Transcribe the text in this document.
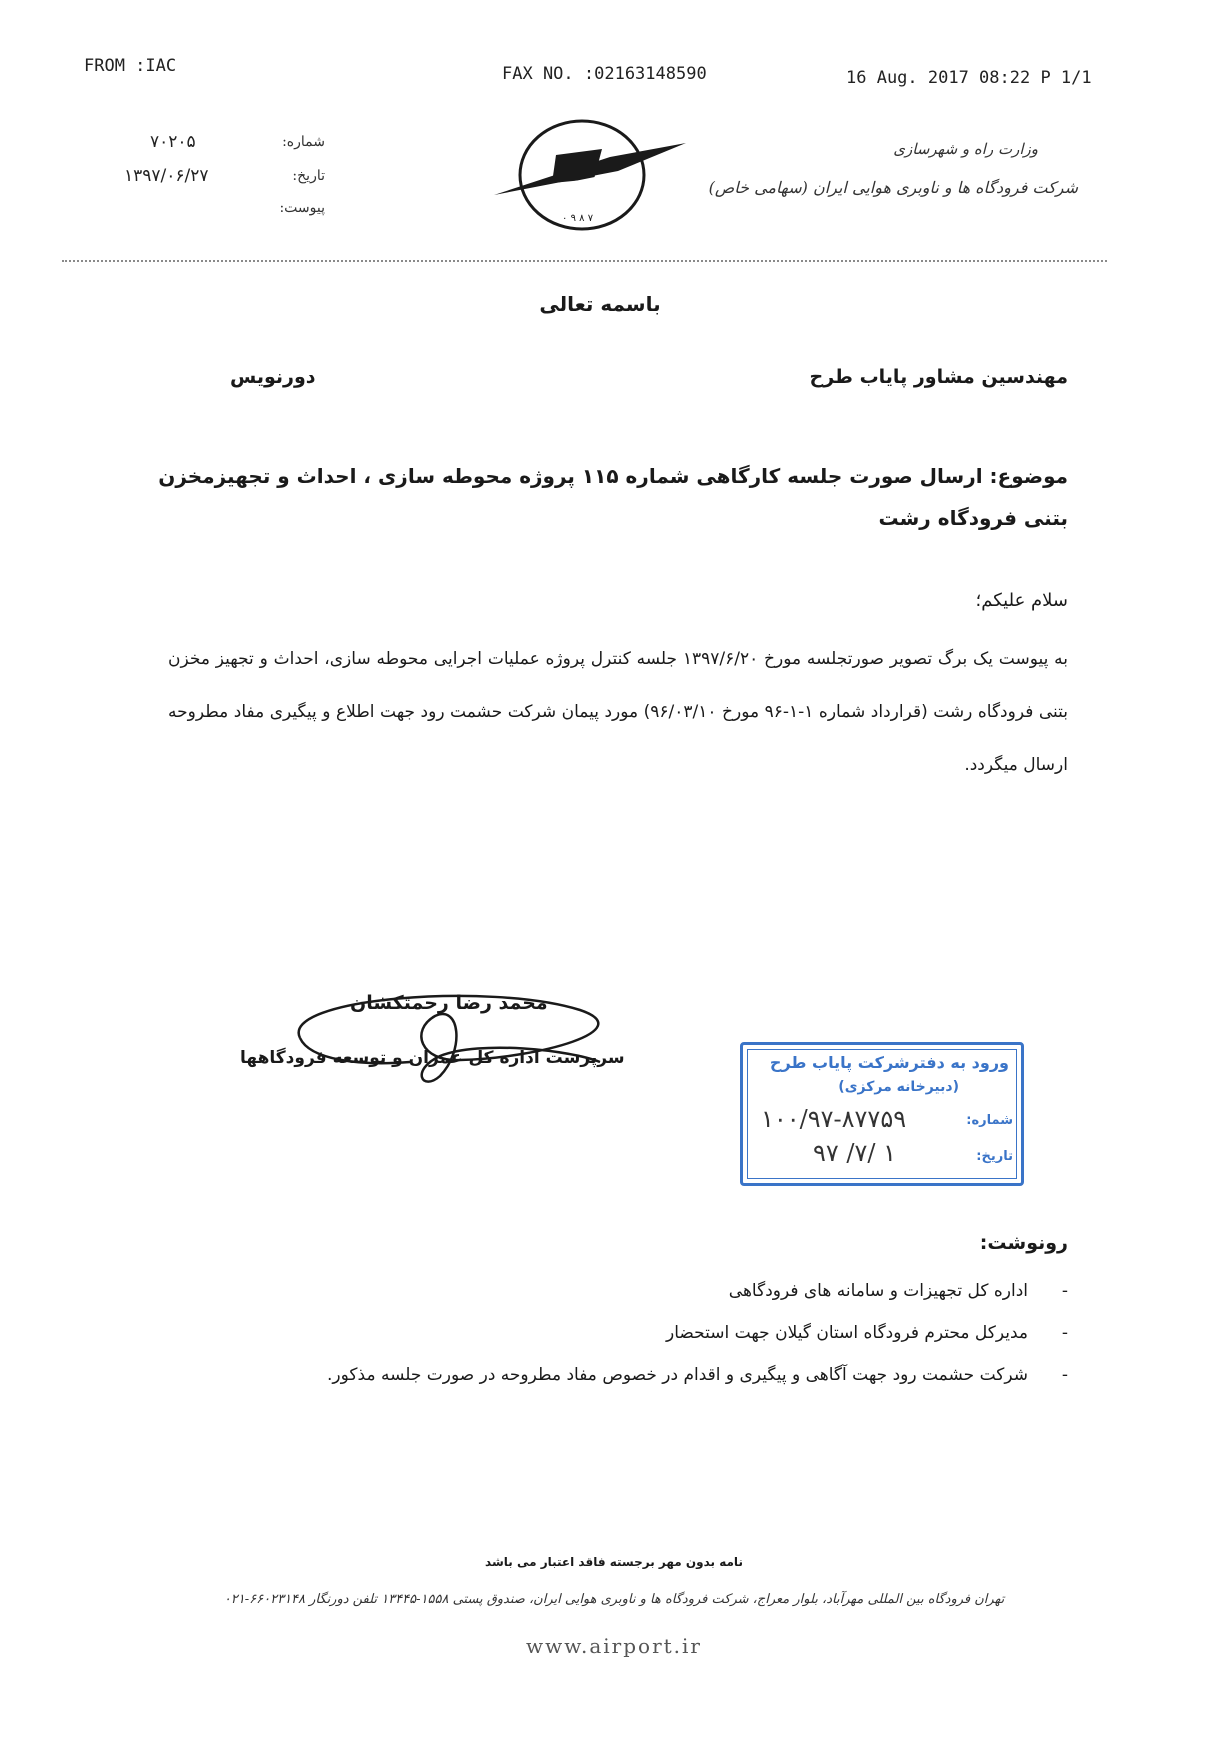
FROM :IAC	FAX NO. :02163148590	16 Aug. 2017 08:22 P 1/1
۷۰۲۰۵	شماره:
۱۳۹۷/۰۶/۲۷	تاریخ:
پیوست:
٧ ٨ ٩ ٠
وزارت راه و شهرسازی
شرکت فرودگاه ها و ناوبری هوایی ایران (سهامی خاص)
باسمه تعالی
مهندسین مشاور پایاب طرح
دورنویس
موضوع: ارسال صورت جلسه کارگاهی شماره ۱۱۵ پروژه محوطه سازی ، احداث و تجهیزمخزن بتنی فرودگاه رشت
سلام علیکم؛
به پیوست یک برگ تصویر صورتجلسه مورخ ۱۳۹۷/۶/۲۰ جلسه کنترل پروژه عملیات اجرایی محوطه سازی، احداث و تجهیز مخزن بتنی فرودگاه رشت (قرارداد شماره ۱-۱-۹۶ مورخ ۹۶/۰۳/۱۰) مورد پیمان شرکت حشمت رود جهت اطلاع و پیگیری مفاد مطروحه ارسال میگردد.
محمد رضا رحمتکشان
سرپرست اداره کل عمران و توسعه فرودگاهها	ورود به دفترشرکت پایاب طرح
(دبیرخانه مرکزی)
شماره:
۱۰۰/۹۷-۸۷۷۵۹
تاریخ:
۹۷ /۷/ ۱
رونوشت:
- اداره کل تجهیزات و سامانه های فرودگاهی
- مدیرکل محترم فرودگاه استان گیلان جهت استحضار
- شرکت حشمت رود جهت آگاهی و پیگیری و اقدام در خصوص مفاد مطروحه در صورت جلسه مذکور.
نامه بدون مهر برجسته فاقد اعتبار می باشد
تهران فرودگاه بین المللی مهرآباد، بلوار معراج، شرکت فرودگاه ها و ناوبری هوایی ایران، صندوق پستی ۱۵۵۸-۱۳۴۴۵ تلفن دورنگار ۶۶۰۲۳۱۴۸-۰۲۱
www.airport.ir
